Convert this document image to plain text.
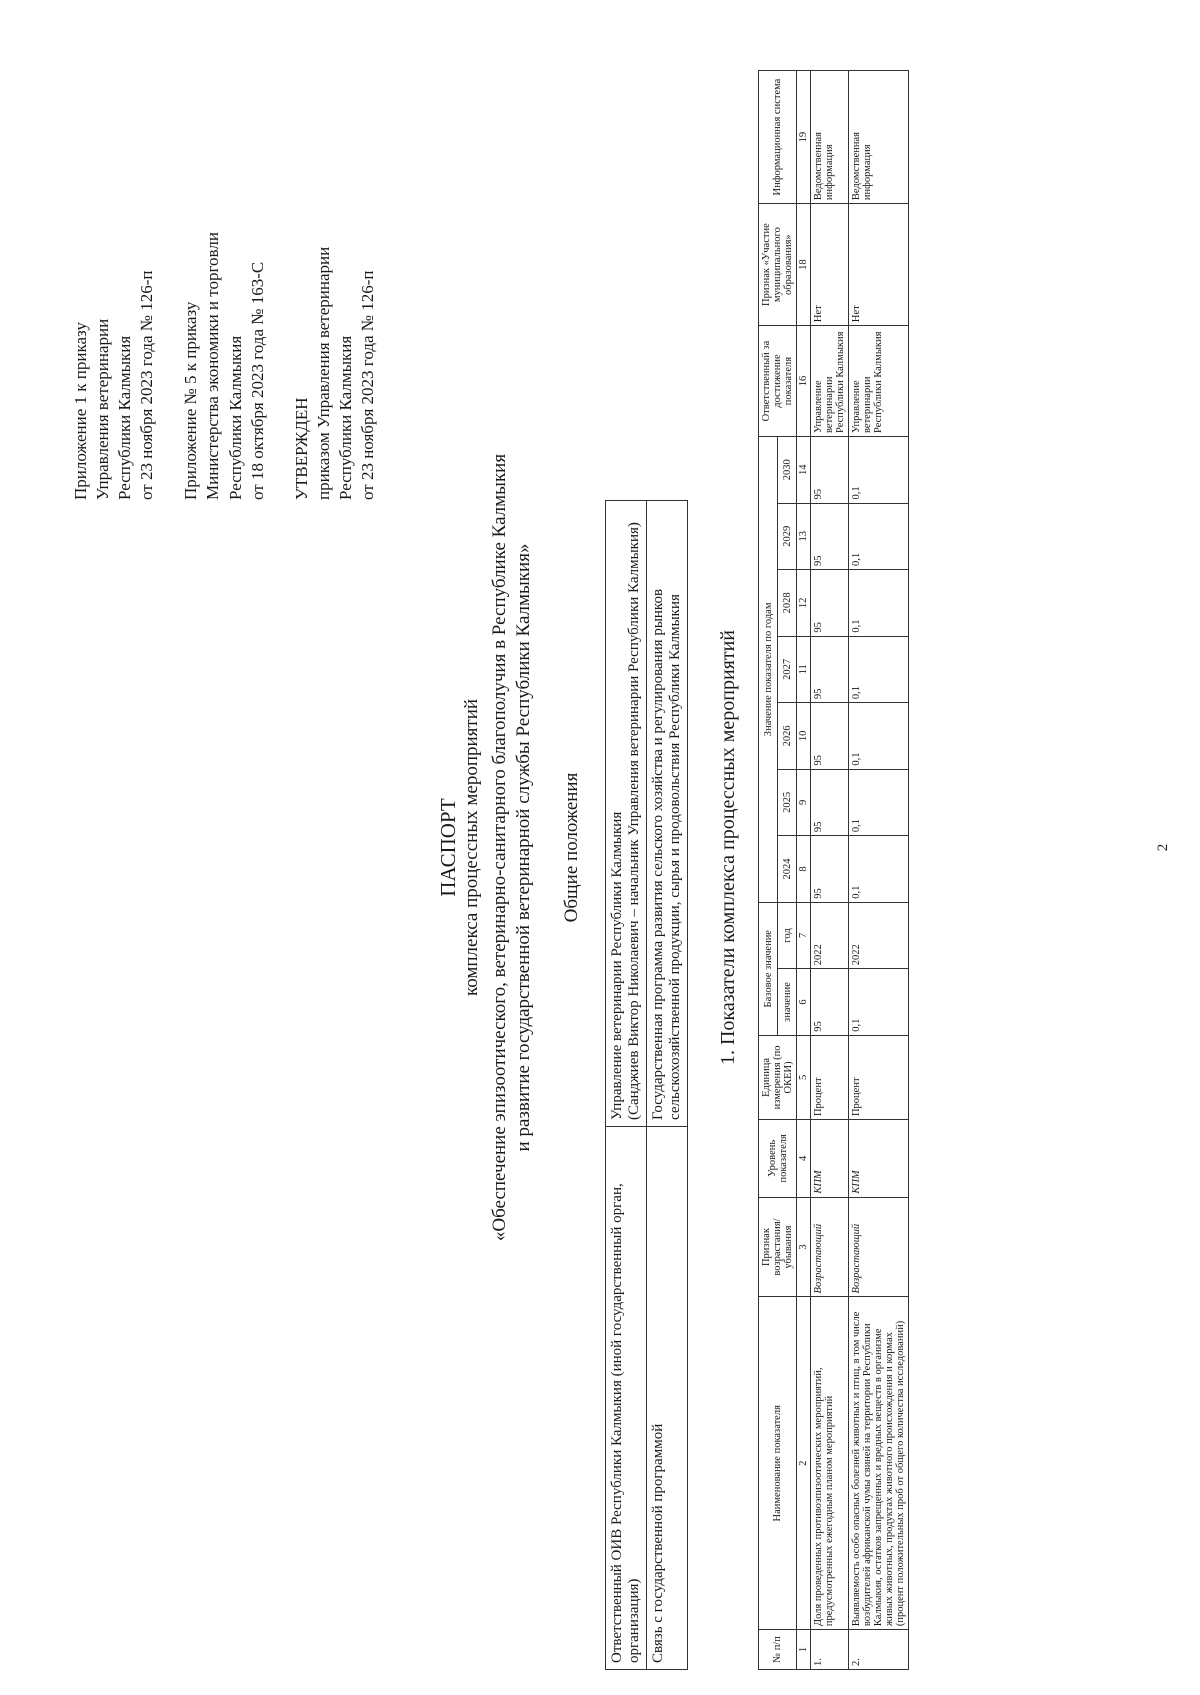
Приложение 1 к приказу Управления ветеринарии Республики Калмыкия от 23 ноября 2023 года № 126-п Приложение № 5 к приказу Министерства экономики и торговли Республики Калмыкия от 18 октября 2023 года № 163-С УТВЕРЖДЕН приказом Управления ветеринарии Республики Калмыкия от 23 ноября 2023 года № 126-п
ПАСПОРТ комплекса процессных мероприятий «Обеспечение эпизоотического, ветеринарно-санитарного благополучия в Республике Калмыкия и развитие государственной ветеринарной службы Республики Калмыкия» Общие положения
Ответственный ОИВ Республики Калмыкия (иной государственный орган, организация)	Управление ветеринарии Республики Калмыкия (Санджиев Виктор Николаевич – начальник Управления ветеринарии Республики Калмыкия)

Связь с государственной программой	Государственная программа развития сельского хозяйства и регулирования рынков сельскохозяйственной продукции, сырья и продовольствия Республики Калмыкия 1. Показатели комплекса процессных мероприятий
№ п/п	Наименование показателя	Признак возрастания/ убывания	Уровень показателя	Единица измерения (по ОКЕИ)	Базовое значение		Значение показателя по годам							Ответственный за достижение показателя	Признак «Участие муниципального образования»	Информационная система
					значение	год	2024	2025	2026	2027	2028	2029	2030			
1	2	3	4	5	6	7	8	9	10	11	12	13	14	16	18	19
1.	Доля проведенных противоэпизоотических мероприятий, предусмотренных ежегодным планом мероприятий	Возрастающий	КПМ	Процент	95	2022	95	95	95	95	95	95	95	Управление ветеринарии Республики Калмыкия	Нет	Ведомственная информация
2.	Выявляемость особо опасных болезней животных и птиц, в том числе возбудителей африканской чумы свиней на территории Республики Калмыкия, остатков запрещенных и вредных веществ в организме живых животных, продуктах животного происхождения и кормах (процент положительных проб от общего количества исследований)	Возрастающий	КПМ	Процент	0,1	2022	0,1	0,1	0,1	0,1	0,1	0,1	0,1	Управление ветеринарии Республики Калмыкия	Нет	Ведомственная информация
2
